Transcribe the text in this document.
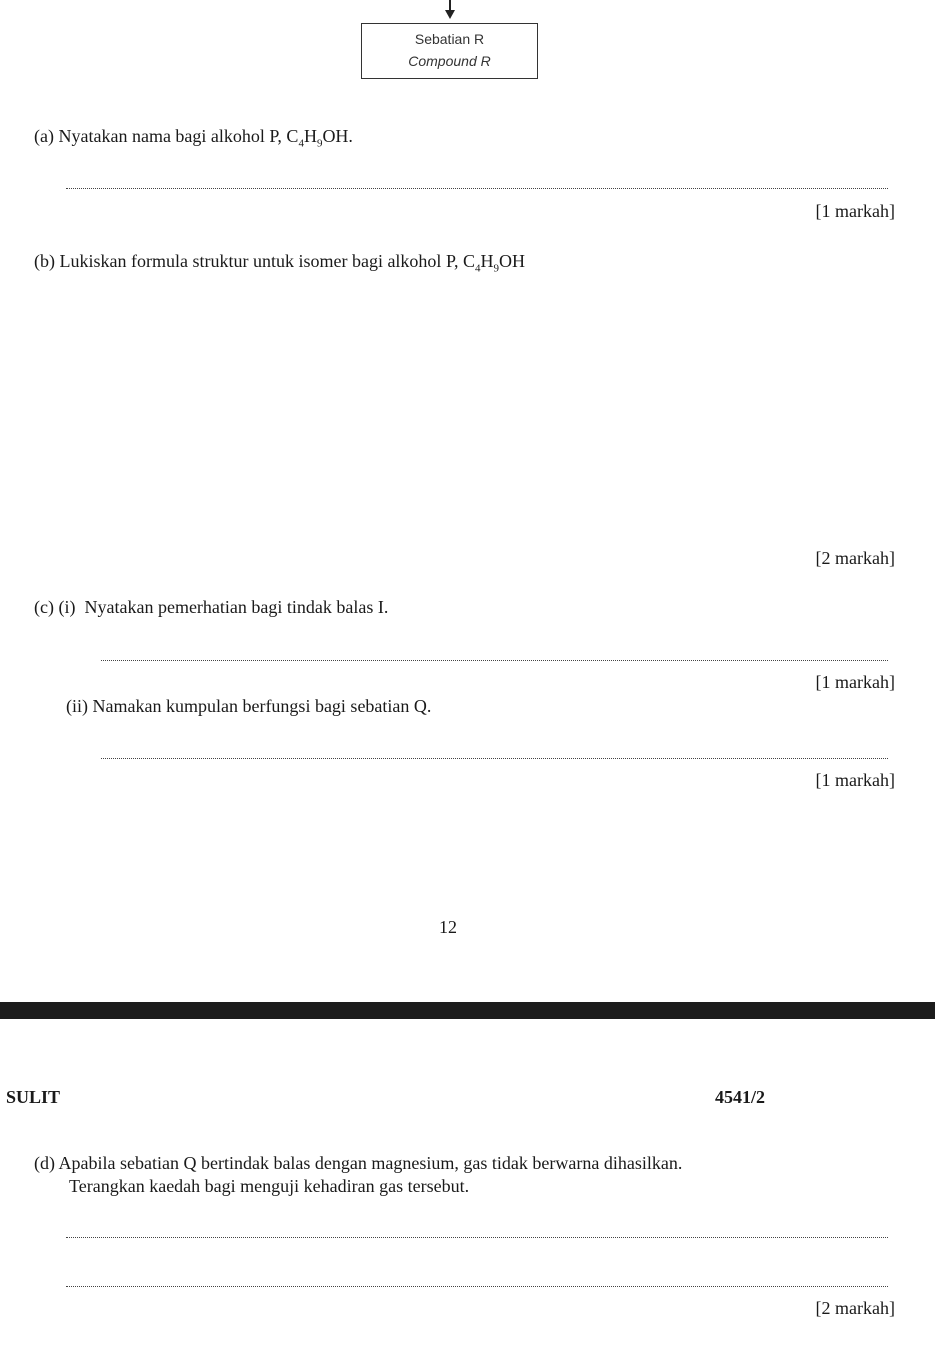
Sebatian R
Compound R
(a) Nyatakan nama bagi alkohol P, $C_4H_9OH$.
[1 markah]
(b) Lukiskan formula struktur untuk isomer bagi alkohol P, $C_4H_9OH$
[2 markah]
(c) (i) Nyatakan pemerhatian bagi tindak balas I.
[1 markah]
(ii) Namakan kumpulan berfungsi bagi sebatian Q.
[1 markah]
12
SULIT	4541/2
(d) Apabila sebatian Q bertindak balas dengan magnesium, gas tidak berwarna dihasilkan.
Terangkan kaedah bagi menguji kehadiran gas tersebut.
[2 markah]
